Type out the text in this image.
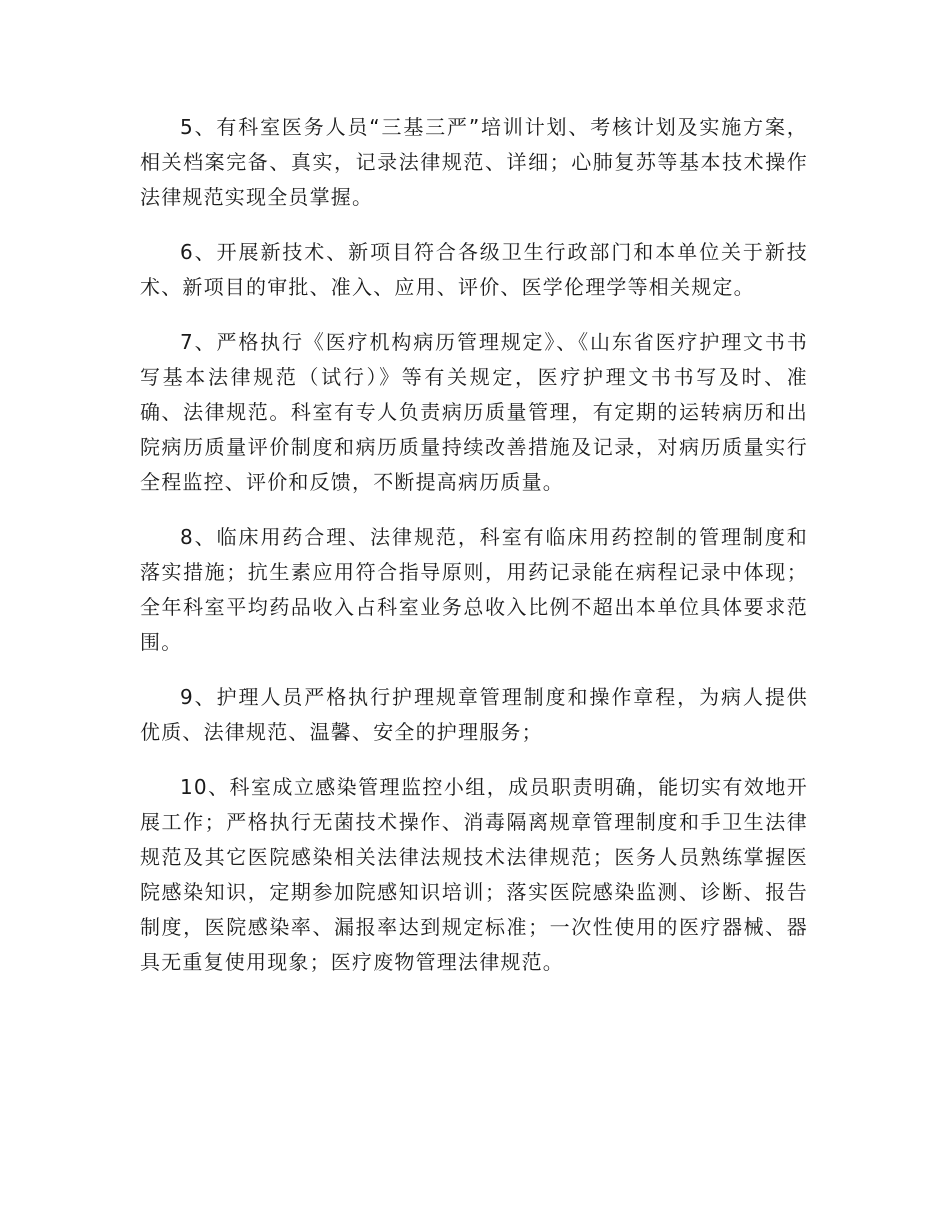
5、有科室医务人员“三基三严”培训计划、考核计划及实施方案，相关档案完备、真实，记录法律规范、详细；心肺复苏等基本技术操作法律规范实现全员掌握。

6、开展新技术、新项目符合各级卫生行政部门和本单位关于新技术、新项目的审批、准入、应用、评价、医学伦理学等相关规定。

7、严格执行《医疗机构病历管理规定》、《山东省医疗护理文书书写基本法律规范（试行）》等有关规定，医疗护理文书书写及时、准确、法律规范。科室有专人负责病历质量管理，有定期的运转病历和出院病历质量评价制度和病历质量持续改善措施及记录，对病历质量实行全程监控、评价和反馈，不断提高病历质量。

8、临床用药合理、法律规范，科室有临床用药控制的管理制度和落实措施；抗生素应用符合指导原则，用药记录能在病程记录中体现；全年科室平均药品收入占科室业务总收入比例不超出本单位具体要求范围。

9、护理人员严格执行护理规章管理制度和操作章程，为病人提供优质、法律规范、温馨、安全的护理服务；

10、科室成立感染管理监控小组，成员职责明确，能切实有效地开展工作；严格执行无菌技术操作、消毒隔离规章管理制度和手卫生法律规范及其它医院感染相关法律法规技术法律规范；医务人员熟练掌握医院感染知识，定期参加院感知识培训；落实医院感染监测、诊断、报告制度，医院感染率、漏报率达到规定标准；一次性使用的医疗器械、器具无重复使用现象；医疗废物管理法律规范。
